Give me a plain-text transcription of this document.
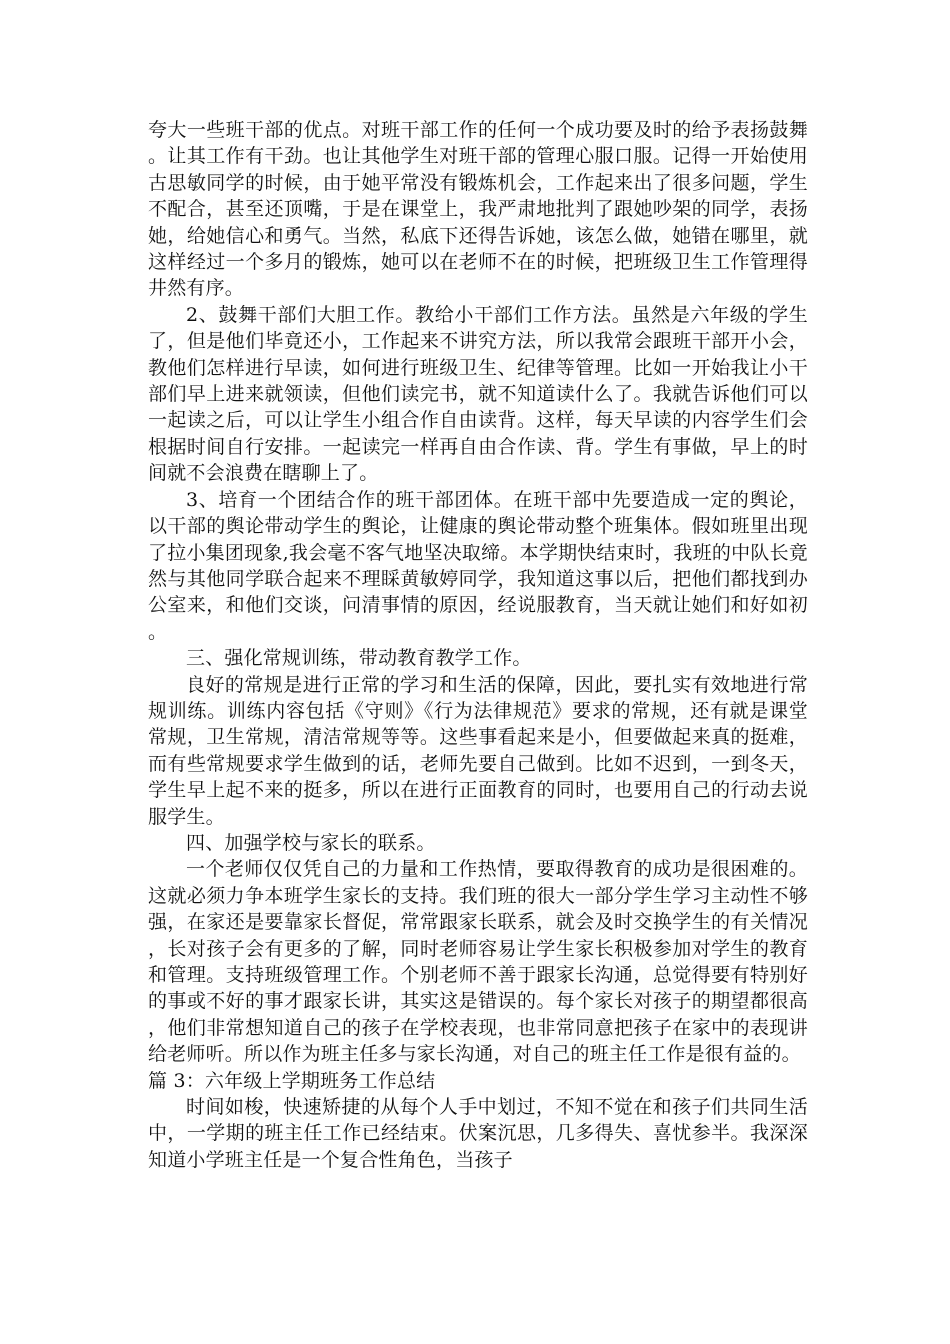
夸大一些班干部的优点。对班干部工作的任何一个成功要及时的给予表扬鼓舞。让其工作有干劲。也让其他学生对班干部的管理心服口服。记得一开始使用古思敏同学的时候，由于她平常没有锻炼机会，工作起来出了很多问题，学生不配合，甚至还顶嘴，于是在课堂上，我严肃地批判了跟她吵架的同学，表扬她，给她信心和勇气。当然，私底下还得告诉她，该怎么做，她错在哪里，就这样经过一个多月的锻炼，她可以在老师不在的时候，把班级卫生工作管理得井然有序。

2、鼓舞干部们大胆工作。教给小干部们工作方法。虽然是六年级的学生了，但是他们毕竟还小，工作起来不讲究方法，所以我常会跟班干部开小会，教他们怎样进行早读，如何进行班级卫生、纪律等管理。比如一开始我让小干部们早上进来就领读，但他们读完书，就不知道读什么了。我就告诉他们可以一起读之后，可以让学生小组合作自由读背。这样，每天早读的内容学生们会根据时间自行安排。一起读完一样再自由合作读、背。学生有事做，早上的时间就不会浪费在瞎聊上了。

3、培育一个团结合作的班干部团体。在班干部中先要造成一定的舆论，以干部的舆论带动学生的舆论，让健康的舆论带动整个班集体。假如班里出现了拉小集团现象,我会毫不客气地坚决取缔。本学期快结束时，我班的中队长竟然与其他同学联合起来不理睬黄敏婷同学，我知道这事以后，把他们都找到办公室来，和他们交谈，问清事情的原因，经说服教育，当天就让她们和好如初。

三、强化常规训练，带动教育教学工作。

良好的常规是进行正常的学习和生活的保障，因此，要扎实有效地进行常规训练。训练内容包括《守则》《行为法律规范》要求的常规，还有就是课堂常规，卫生常规，清洁常规等等。这些事看起来是小，但要做起来真的挺难，而有些常规要求学生做到的话，老师先要自己做到。比如不迟到，一到冬天，学生早上起不来的挺多，所以在进行正面教育的同时，也要用自己的行动去说服学生。

四、加强学校与家长的联系。

一个老师仅仅凭自己的力量和工作热情，要取得教育的成功是很困难的。这就必须力争本班学生家长的支持。我们班的很大一部分学生学习主动性不够强，在家还是要靠家长督促，常常跟家长联系，就会及时交换学生的有关情况，长对孩子会有更多的了解，同时老师容易让学生家长积极参加对学生的教育和管理。支持班级管理工作。个别老师不善于跟家长沟通，总觉得要有特别好的事或不好的事才跟家长讲，其实这是错误的。每个家长对孩子的期望都很高，他们非常想知道自己的孩子在学校表现，也非常同意把孩子在家中的表现讲给老师听。所以作为班主任多与家长沟通，对自己的班主任工作是很有益的。

篇 3：六年级上学期班务工作总结

时间如梭，快速矫捷的从每个人手中划过，不知不觉在和孩子们共同生活中，一学期的班主任工作已经结束。伏案沉思，几多得失、喜忧参半。我深深知道小学班主任是一个复合性角色，当孩子
